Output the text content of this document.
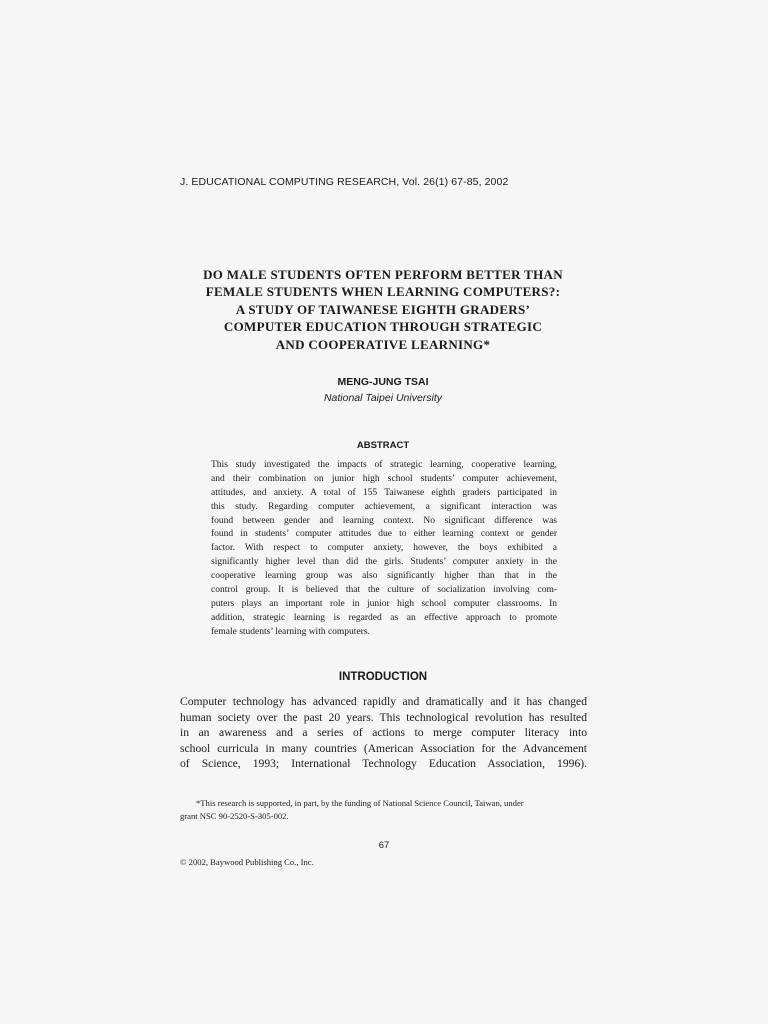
J. EDUCATIONAL COMPUTING RESEARCH, Vol. 26(1) 67-85, 2002
DO MALE STUDENTS OFTEN PERFORM BETTER THAN
FEMALE STUDENTS WHEN LEARNING COMPUTERS?:
A STUDY OF TAIWANESE EIGHTH GRADERS’
COMPUTER EDUCATION THROUGH STRATEGIC
AND COOPERATIVE LEARNING*
MENG-JUNG TSAI
National Taipei University
ABSTRACT
This study investigated the impacts of strategic learning, cooperative learning,
and their combination on junior high school students’ computer achievement,
attitudes, and anxiety. A total of 155 Taiwanese eighth graders participated in
this study. Regarding computer achievement, a significant interaction was
found between gender and learning context. No significant difference was
found in students’ computer attitudes due to either learning context or gender
factor. With respect to computer anxiety, however, the boys exhibited a
significantly higher level than did the girls. Students’ computer anxiety in the
cooperative learning group was also significantly higher than that in the
control group. It is believed that the culture of socialization involving com-
puters plays an important role in junior high school computer classrooms. In
addition, strategic learning is regarded as an effective approach to promote
female students’ learning with computers.
INTRODUCTION
Computer technology has advanced rapidly and dramatically and it has changed
human society over the past 20 years. This technological revolution has resulted
in an awareness and a series of actions to merge computer literacy into
school curricula in many countries (American Association for the Advancement
of Science, 1993; International Technology Education Association, 1996).
*This research is supported, in part, by the funding of National Science Council, Taiwan, under
grant NSC 90-2520-S-305-002.
67
© 2002, Baywood Publishing Co., Inc.
